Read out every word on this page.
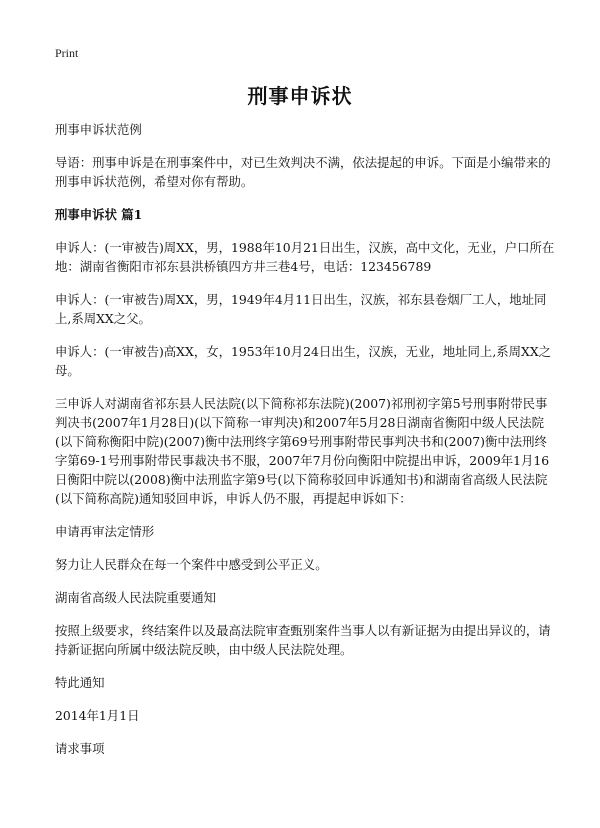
Print
刑事申诉状

刑事申诉状范例

导语：刑事申诉是在刑事案件中，对已生效判决不满，依法提起的申诉。下面是小编带来的刑事申诉状范例，希望对你有帮助。

刑事申诉状 篇1

申诉人：(一审被告)周XX，男，1988年10月21日出生，汉族，高中文化，无业，户口所在地：湖南省衡阳市祁东县洪桥镇四方井三巷4号，电话：123456789

申诉人：(一审被告)周XX，男，1949年4月11日出生，汉族，祁东县卷烟厂工人，地址同上,系周XX之父。

申诉人：(一审被告)高XX，女，1953年10月24日出生，汉族，无业，地址同上,系周XX之母。

三申诉人对湖南省祁东县人民法院(以下简称祁东法院)(2007)祁刑初字第5号刑事附带民事判决书(2007年1月28日)(以下简称一审判决)和2007年5月28日湖南省衡阳中级人民法院(以下简称衡阳中院)(2007)衡中法刑终字第69号刑事附带民事判决书和(2007)衡中法刑终字第69-1号刑事附带民事裁决书不服，2007年7月份向衡阳中院提出申诉，2009年1月16日衡阳中院以(2008)衡中法刑监字第9号(以下简称驳回申诉通知书)和湖南省高级人民法院(以下简称高院)通知驳回申诉，申诉人仍不服，再提起申诉如下：

申请再审法定情形

努力让人民群众在每一个案件中感受到公平正义。

湖南省高级人民法院重要通知

按照上级要求，终结案件以及最高法院审查甄别案件当事人以有新证据为由提出异议的，请持新证据向所属中级法院反映，由中级人民法院处理。

特此通知

2014年1月1日

请求事项
